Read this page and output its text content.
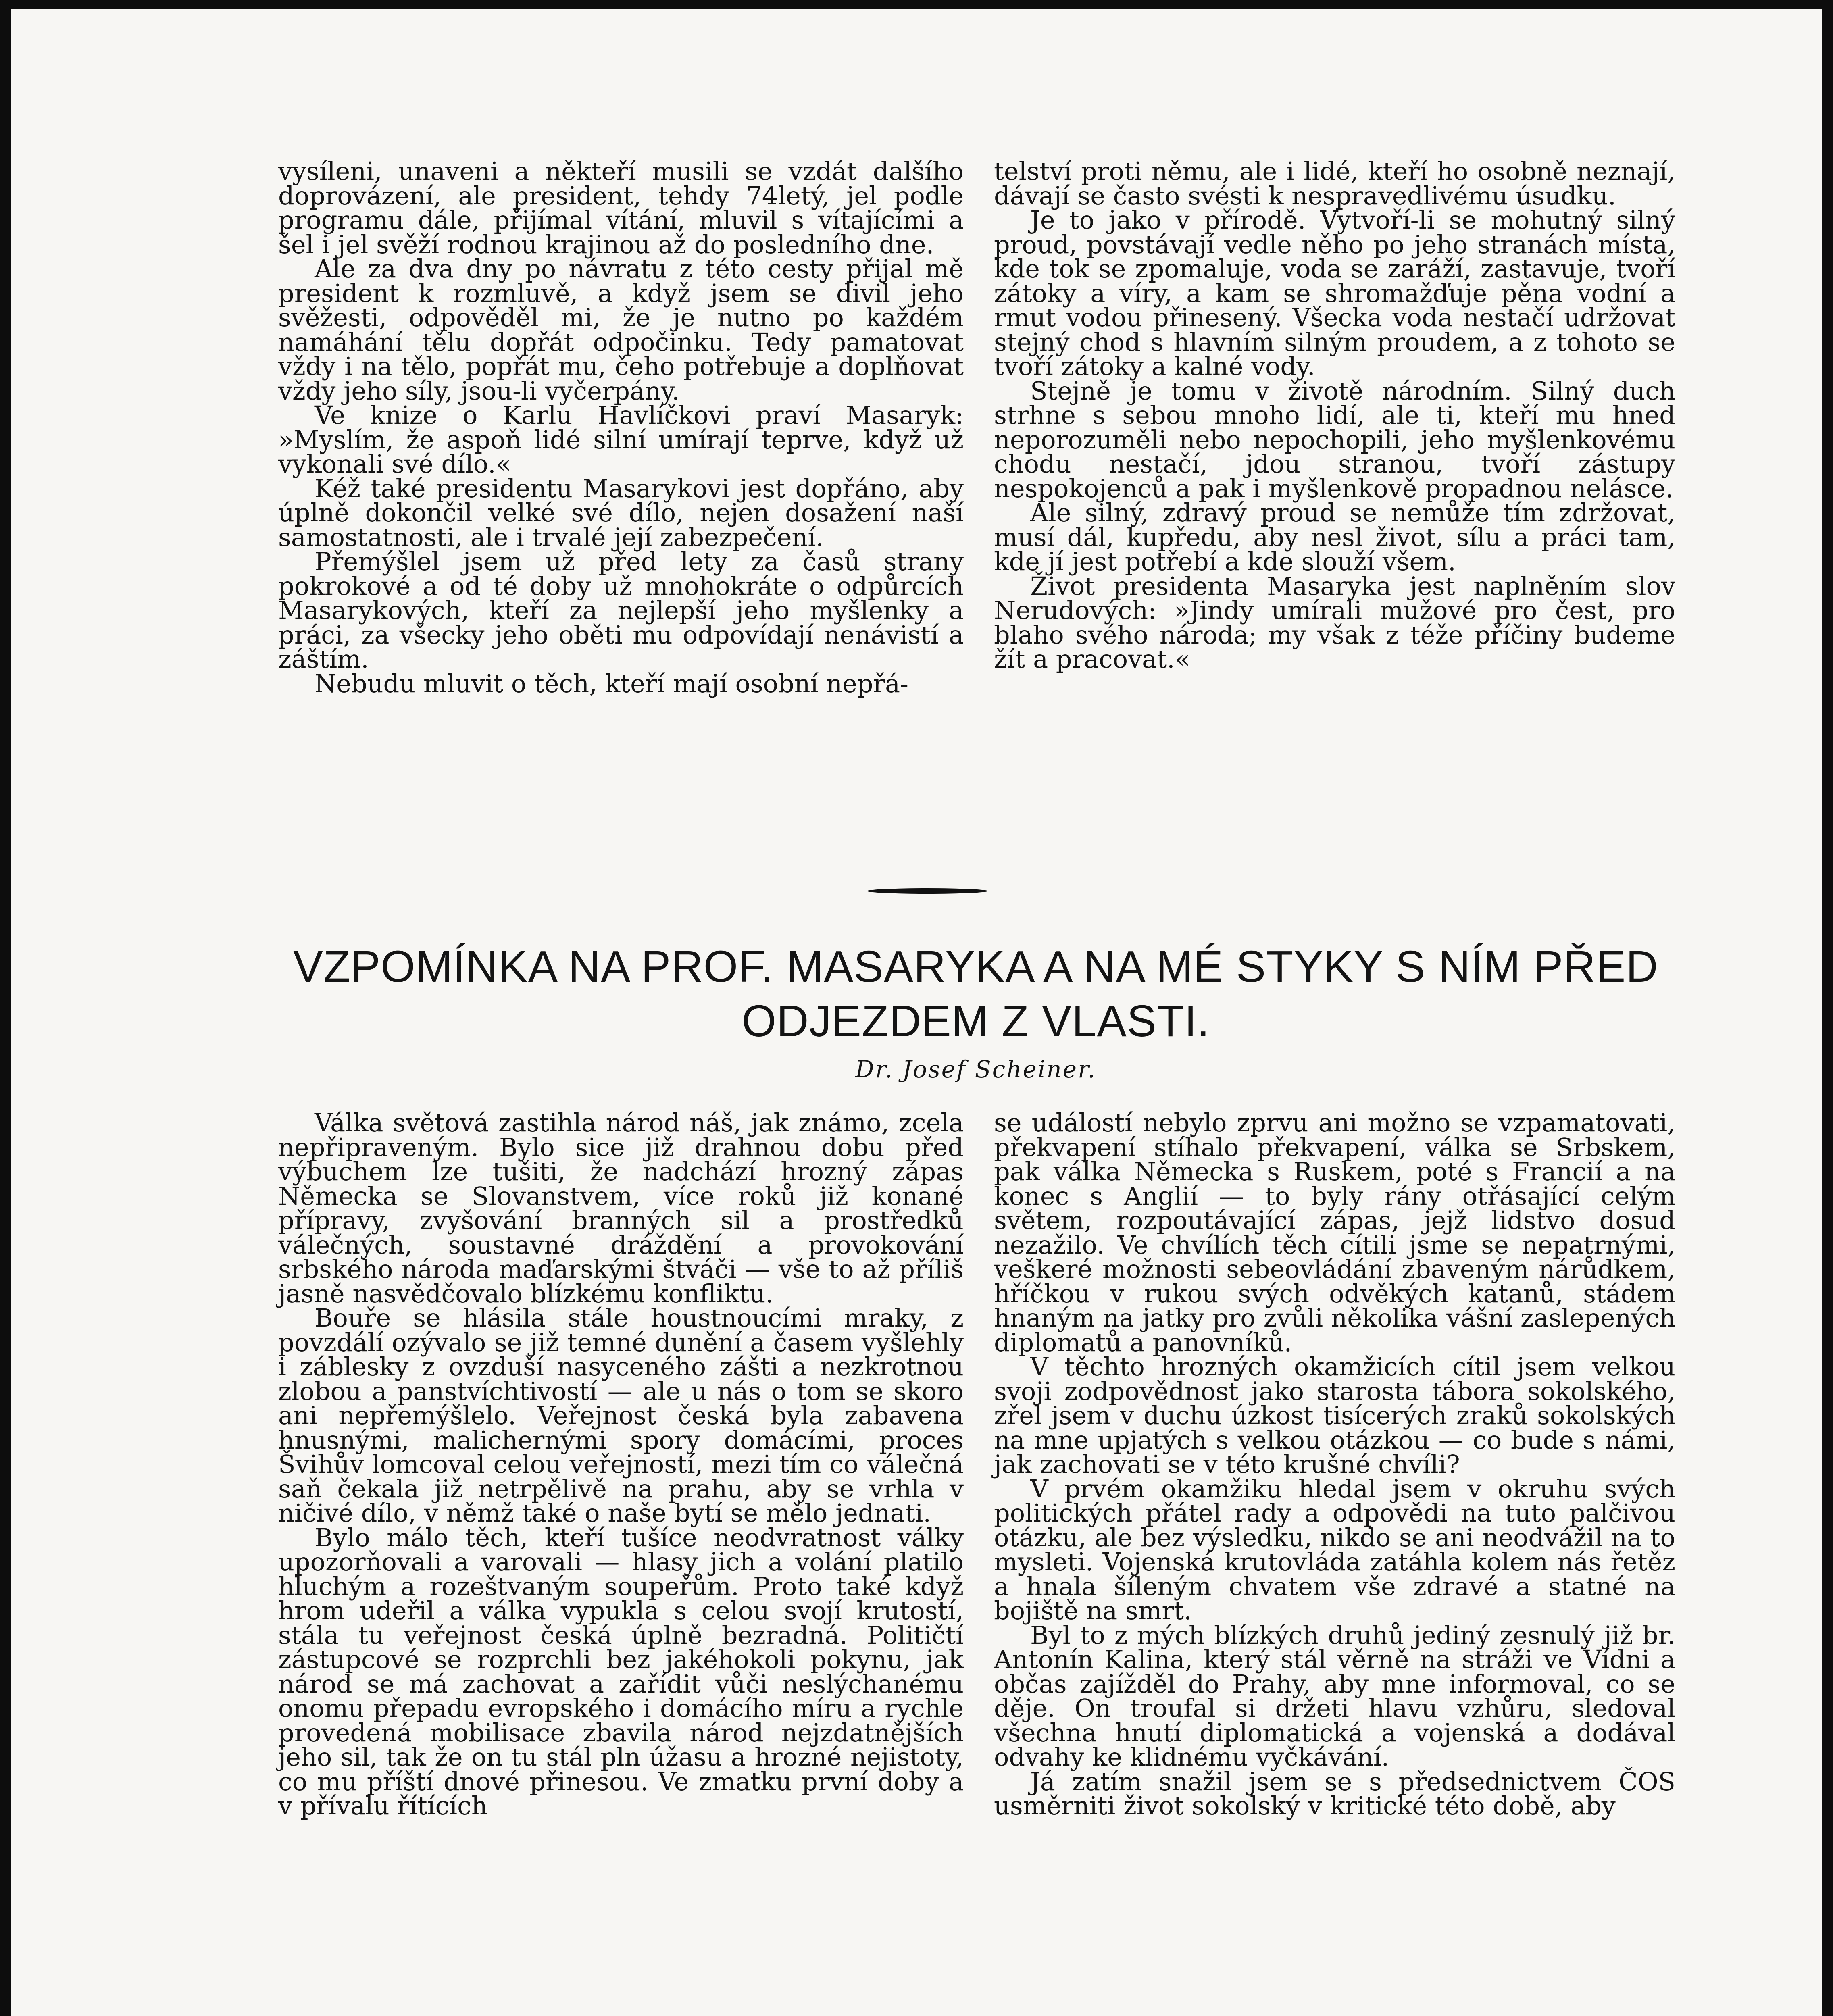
vysíleni, unaveni a někteří musili se vzdát dalšího doprovázení, ale president, tehdy 74letý, jel podle programu dále, přijímal vítání, mluvil s vítajícími a šel i jel svěží rodnou krajinou až do posledního dne.

Ale za dva dny po návratu z této cesty přijal mě president k rozmluvě, a když jsem se divil jeho svěžesti, odpověděl mi, že je nutno po každém namáhání tělu dopřát odpočinku. Tedy pamatovat vždy i na tělo, popřát mu, čeho potřebuje a doplňovat vždy jeho síly, jsou-li vyčerpány.

Ve knize o Karlu Havlíčkovi praví Masaryk: »Myslím, že aspoň lidé silní umírají teprve, když už vykonali své dílo.«

Kéž také presidentu Masarykovi jest dopřáno, aby úplně dokončil velké své dílo, nejen dosažení naší samostatnosti, ale i trvalé její zabezpečení.

Přemýšlel jsem už před lety za časů strany pokrokové a od té doby už mnohokráte o odpůrcích Masarykových, kteří za nejlepší jeho myšlenky a práci, za všecky jeho oběti mu odpovídají nenávistí a záštím.

Nebudu mluvit o těch, kteří mají osobní nepřá-

telství proti němu, ale i lidé, kteří ho osobně neznají, dávají se často svésti k nespravedlivému úsudku.

Je to jako v přírodě. Vytvoří-li se mohutný silný proud, povstávají vedle něho po jeho stranách místa, kde tok se zpomaluje, voda se zaráží, zastavuje, tvoří zátoky a víry, a kam se shromažďuje pěna vodní a rmut vodou přinesený. Všecka voda nestačí udržovat stejný chod s hlavním silným proudem, a z tohoto se tvoří zátoky a kalné vody.

Stejně je tomu v životě národním. Silný duch strhne s sebou mnoho lidí, ale ti, kteří mu hned neporozuměli nebo nepochopili, jeho myšlenkovému chodu nestačí, jdou stranou, tvoří zástupy nespokojenců a pak i myšlenkově propadnou nelásce.

Ale silný, zdravý proud se nemůže tím zdržovat, musí dál, kupředu, aby nesl život, sílu a práci tam, kde jí jest potřebí a kde slouží všem.

Život presidenta Masaryka jest naplněním slov Nerudových: »Jindy umírali mužové pro čest, pro blaho svého národa; my však z téže příčiny budeme žít a pracovat.«

VZPOMÍNKA NA PROF. MASARYKA A NA MÉ STYKY S NÍM PŘED ODJEZDEM Z VLASTI.
Dr. Josef Scheiner.

Válka světová zastihla národ náš, jak známo, zcela nepřipraveným. Bylo sice již drahnou dobu před výbuchem lze tušiti, že nadchází hrozný zápas Německa se Slovanstvem, více roků již konané přípravy, zvyšování branných sil a prostředků válečných, soustavné dráždění a provokování srbského národa maďarskými štváči — vše to až příliš jasně nasvědčovalo blízkému konfliktu.

Bouře se hlásila stále houstnoucími mraky, z povzdálí ozývalo se již temné dunění a časem vyšlehly i záblesky z ovzduší nasyceného zášti a nezkrotnou zlobou a panstvíchtivostí — ale u nás o tom se skoro ani nepřemýšlelo. Veřejnost česká byla zabavena hnusnými, malichernými spory domácími, proces Švihův lomcoval celou veřejností, mezi tím co válečná saň čekala již netrpělivě na prahu, aby se vrhla v ničivé dílo, v němž také o naše bytí se mělo jednati.

Bylo málo těch, kteří tušíce neodvratnost války upozorňovali a varovali — hlasy jich a volání platilo hluchým a rozeštvaným soupeřům. Proto také když hrom udeřil a válka vypukla s celou svojí krutostí, stála tu veřejnost česká úplně bezradná. Političtí zástupcové se rozprchli bez jakéhokoli pokynu, jak národ se má zachovat a zařídit vůči neslýchanému onomu přepadu evropského i domácího míru a rychle provedená mobilisace zbavila národ nejzdatnějších jeho sil, tak že on tu stál pln úžasu a hrozné nejistoty, co mu příští dnové přinesou. Ve zmatku první doby a v přívalu řítících

se událostí nebylo zprvu ani možno se vzpamatovati, překvapení stíhalo překvapení, válka se Srbskem, pak válka Německa s Ruskem, poté s Francií a na konec s Anglií — to byly rány otřásající celým světem, rozpoutávající zápas, jejž lidstvo dosud nezažilo. Ve chvílích těch cítili jsme se nepatrnými, veškeré možnosti sebeovládání zbaveným nárůdkem, hříčkou v rukou svých odvěkých katanů, stádem hnaným na jatky pro zvůli několika vášní zaslepených diplomatů a panovníků.

V těchto hrozných okamžicích cítil jsem velkou svoji zodpovědnost jako starosta tábora sokolského, zřel jsem v duchu úzkost tisícerých zraků sokolských na mne upjatých s velkou otázkou — co bude s námi, jak zachovati se v této krušné chvíli?

V prvém okamžiku hledal jsem v okruhu svých politických přátel rady a odpovědi na tuto palčivou otázku, ale bez výsledku, nikdo se ani neodvážil na to mysleti. Vojenská krutovláda zatáhla kolem nás řetěz a hnala šíleným chvatem vše zdravé a statné na bojiště na smrt.

Byl to z mých blízkých druhů jediný zesnulý již br. Antonín Kalina, který stál věrně na stráži ve Vídni a občas zajížděl do Prahy, aby mne informoval, co se děje. On troufal si držeti hlavu vzhůru, sledoval všechna hnutí diplomatická a vojenská a dodával odvahy ke klidnému vyčkávání.

Já zatím snažil jsem se s předsednictvem ČOS usměrniti život sokolský v kritické této době, aby
